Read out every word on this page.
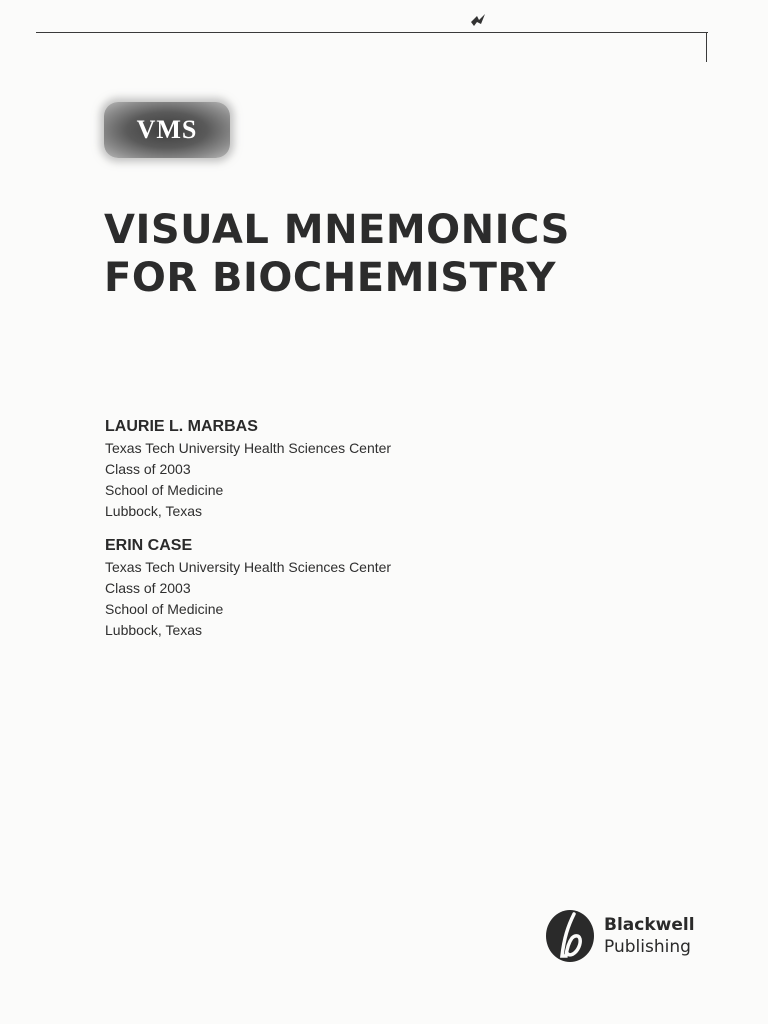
VMS
VISUAL MNEMONICS
FOR BIOCHEMISTRY
LAURIE L. MARBAS
Texas Tech University Health Sciences Center
Class of 2003
School of Medicine
Lubbock, Texas
ERIN CASE
Texas Tech University Health Sciences Center
Class of 2003
School of Medicine
Lubbock, Texas
Blackwell
Publishing
